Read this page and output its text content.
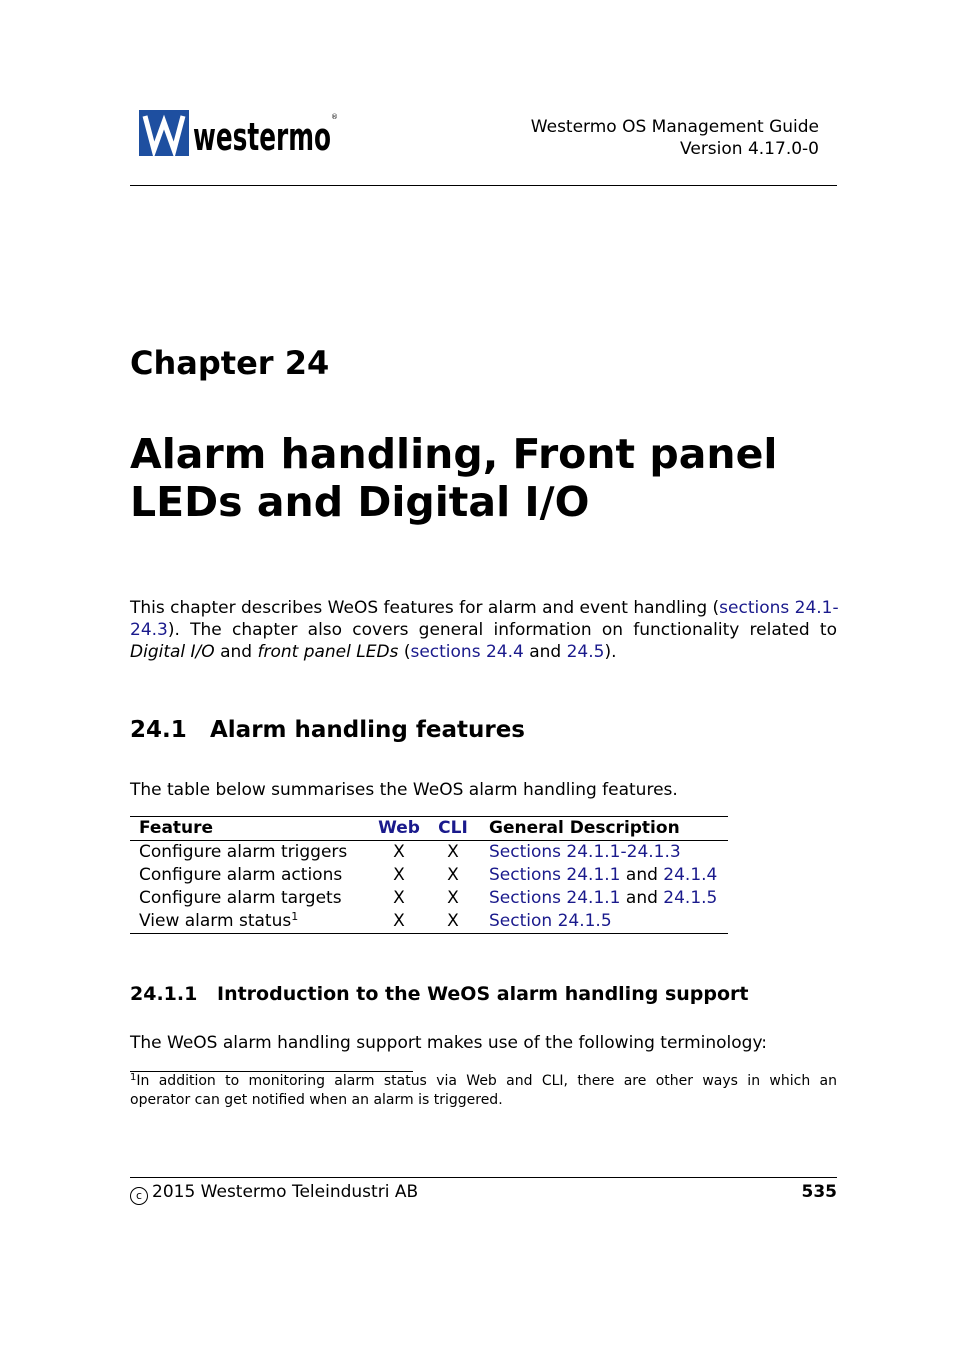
westermo ®	Westermo OS Management Guide
Version 4.17.0-0
Chapter 24
Alarm handling, Front panel
LEDs and Digital I/O
This chapter describes WeOS features for alarm and event handling (sections 24.1-
24.3). The chapter also covers general information on functionality related to
Digital I/O and front panel LEDs (sections 24.4 and 24.5).
24.1 Alarm handling features
The table below summarises the WeOS alarm handling features.
Feature	Web	CLI	General Description
Configure alarm triggers	X	X	Sections 24.1.1-24.1.3
Configure alarm actions	X	X	Sections 24.1.1 and 24.1.4
Configure alarm targets	X	X	Sections 24.1.1 and 24.1.5
View alarm status$^1$	X	X	Section 24.1.5
24.1.1 Introduction to the WeOS alarm handling support
The WeOS alarm handling support makes use of the following terminology:
$^1$In addition to monitoring alarm status via Web and CLI, there are other ways in which an
operator can get notified when an alarm is triggered.
c 2015 Westermo Teleindustri AB	535
